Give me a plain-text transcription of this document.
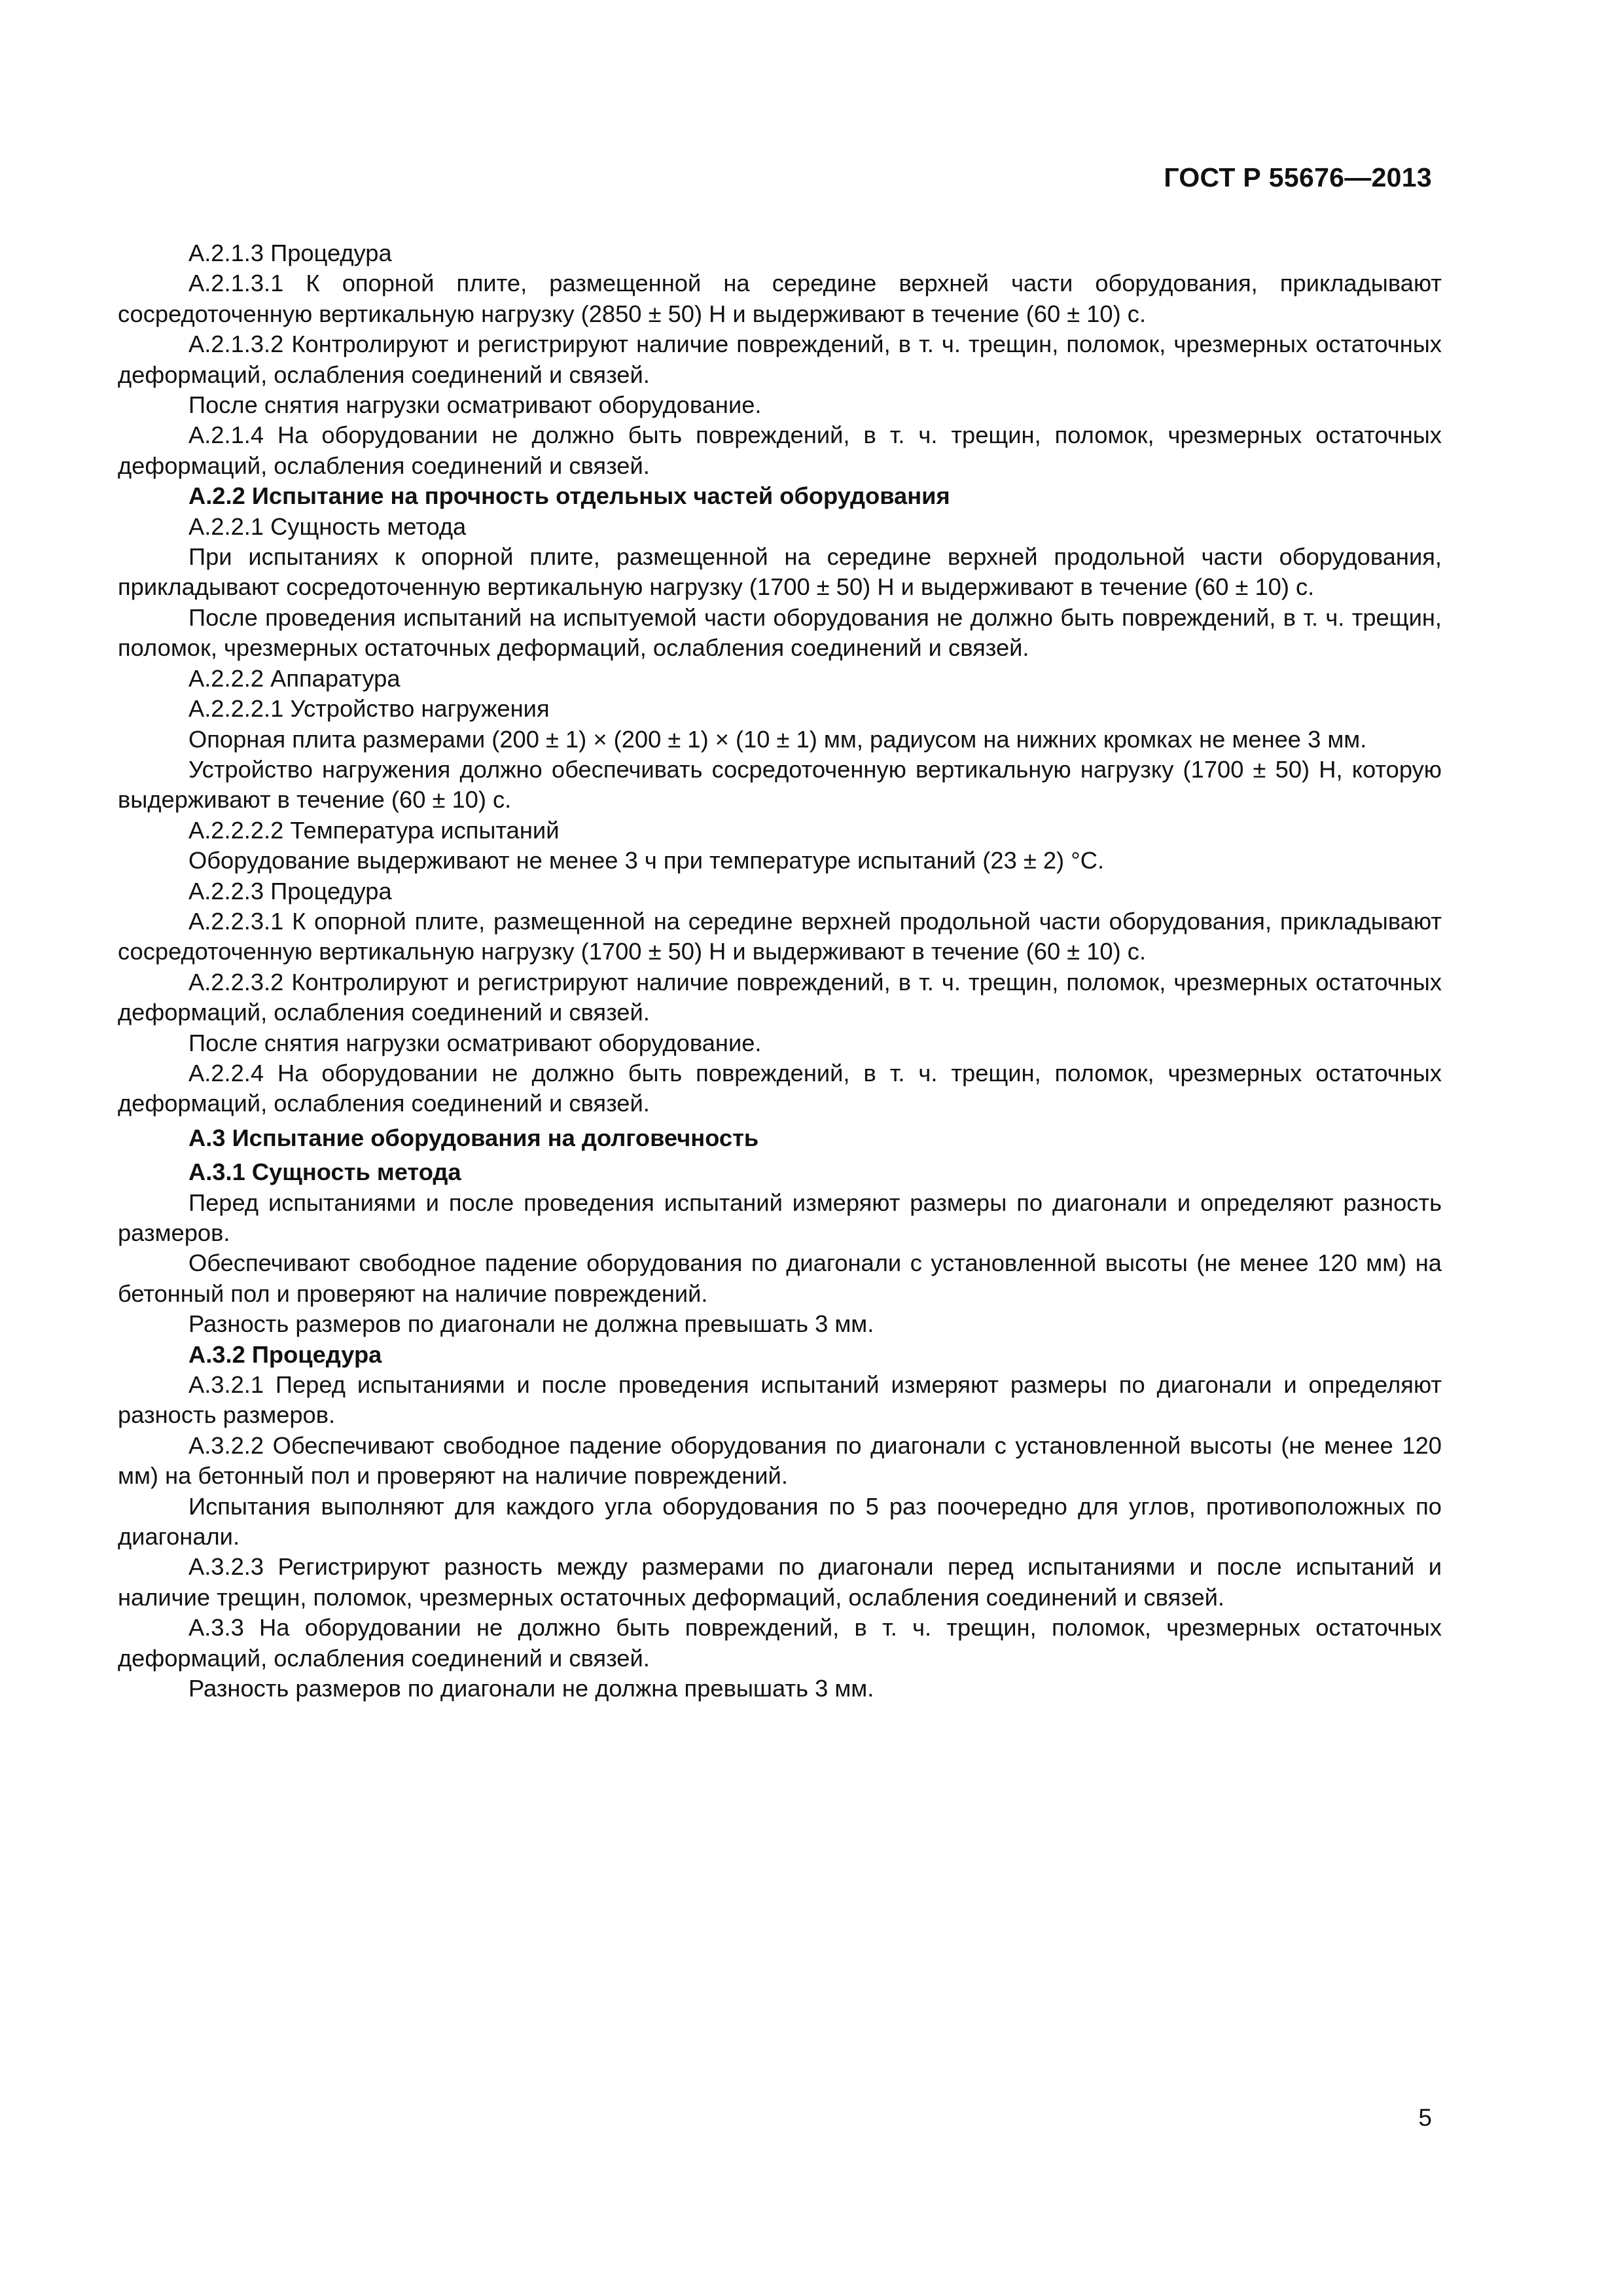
ГОСТ Р 55676—2013

А.2.1.3 Процедура

А.2.1.3.1 К опорной плите, размещенной на середине верхней части оборудования, прикладывают сосредоточенную вертикальную нагрузку (2850 ± 50) Н и выдерживают в течение (60 ± 10) с.

А.2.1.3.2 Контролируют и регистрируют наличие повреждений, в т. ч. трещин, поломок, чрезмерных остаточных деформаций, ослабления соединений и связей.

После снятия нагрузки осматривают оборудование.

А.2.1.4 На оборудовании не должно быть повреждений, в т. ч. трещин, поломок, чрезмерных остаточных деформаций, ослабления соединений и связей.

А.2.2 Испытание на прочность отдельных частей оборудования

А.2.2.1 Сущность метода

При испытаниях к опорной плите, размещенной на середине верхней продольной части оборудования, прикладывают сосредоточенную вертикальную нагрузку (1700 ± 50) Н и выдерживают в течение (60 ± 10) с.

После проведения испытаний на испытуемой части оборудования не должно быть повреждений, в т. ч. трещин, поломок, чрезмерных остаточных деформаций, ослабления соединений и связей.

А.2.2.2 Аппаратура

А.2.2.2.1 Устройство нагружения

Опорная плита размерами (200 ± 1) × (200 ± 1) × (10 ± 1) мм, радиусом на нижних кромках не менее 3 мм.

Устройство нагружения должно обеспечивать сосредоточенную вертикальную нагрузку (1700 ± 50) Н, которую выдерживают в течение (60 ± 10) с.

А.2.2.2.2 Температура испытаний

Оборудование выдерживают не менее 3 ч при температуре испытаний (23 ± 2) °С.

А.2.2.3 Процедура

А.2.2.3.1 К опорной плите, размещенной на середине верхней продольной части оборудования, прикладывают сосредоточенную вертикальную нагрузку (1700 ± 50) Н и выдерживают в течение (60 ± 10) с.

А.2.2.3.2 Контролируют и регистрируют наличие повреждений, в т. ч. трещин, поломок, чрезмерных остаточных деформаций, ослабления соединений и связей.

После снятия нагрузки осматривают оборудование.

А.2.2.4 На оборудовании не должно быть повреждений, в т. ч. трещин, поломок, чрезмерных остаточных деформаций, ослабления соединений и связей.

А.3 Испытание оборудования на долговечность

А.3.1 Сущность метода

Перед испытаниями и после проведения испытаний измеряют размеры по диагонали и определяют разность размеров.

Обеспечивают свободное падение оборудования по диагонали с установленной высоты (не менее 120 мм) на бетонный пол и проверяют на наличие повреждений.

Разность размеров по диагонали не должна превышать 3 мм.

А.3.2 Процедура

А.3.2.1 Перед испытаниями и после проведения испытаний измеряют размеры по диагонали и определяют разность размеров.

А.3.2.2 Обеспечивают свободное падение оборудования по диагонали с установленной высоты (не менее 120 мм) на бетонный пол и проверяют на наличие повреждений.

Испытания выполняют для каждого угла оборудования по 5 раз поочередно для углов, противоположных по диагонали.

А.3.2.3 Регистрируют разность между размерами по диагонали перед испытаниями и после испытаний и наличие трещин, поломок, чрезмерных остаточных деформаций, ослабления соединений и связей.

А.3.3 На оборудовании не должно быть повреждений, в т. ч. трещин, поломок, чрезмерных остаточных деформаций, ослабления соединений и связей.

Разность размеров по диагонали не должна превышать 3 мм.

5
